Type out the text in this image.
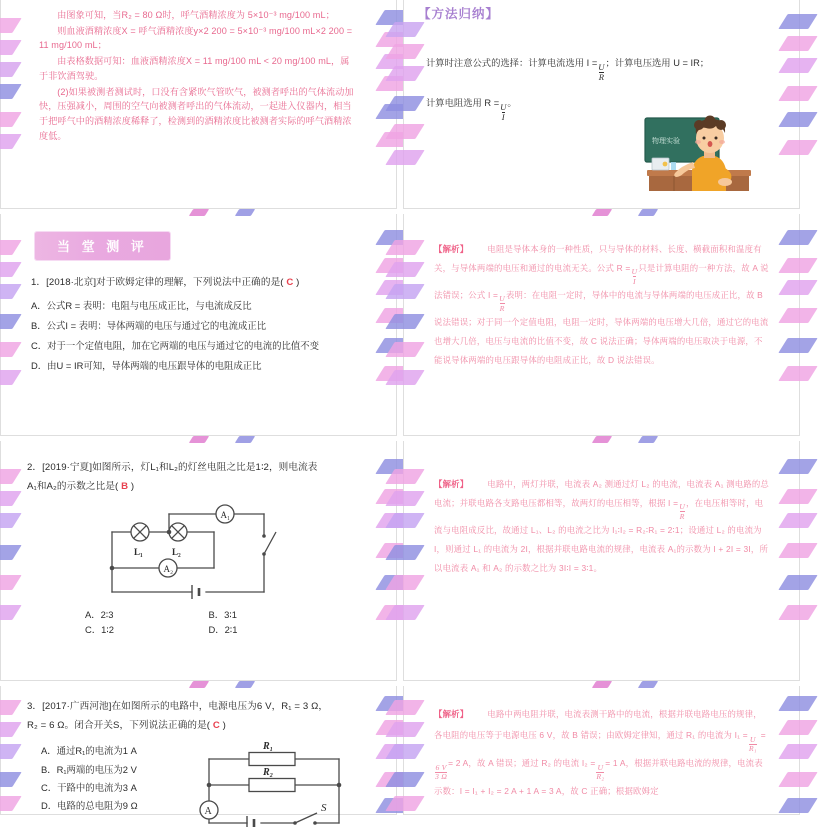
由图象可知，当R₂ = 80 Ω时，呼气酒精浓度为 5×10⁻³ mg/100 mL；

则血液酒精浓度X = 呼气酒精浓度y×2 200 = 5×10⁻³ mg/100 mL×2 200 = 11 mg/100 mL；

由表格数据可知：血液酒精浓度X = 11 mg/100 mL < 20 mg/100 mL，属于非饮酒驾驶。

(2)如果被测者测试时，口没有含紧吹气管吹气，被测者呼出的气体流动加快，压强减小，周围的空气向被测者呼出的气体流动，一起进入仪器内，相当于把呼气中的酒精浓度稀释了，检测到的酒精浓度比被测者实际的呼气酒精浓度低。

【方法归纳】
计算时注意公式的选择：计算电流选用 $I = \frac{U}{R}$ ；计算电压选用 U = IR；
计算电阻选用 $R = \frac{U}{I}$ 。
物理实验
当 堂 测 评
1．[2018·北京]对于欧姆定律的理解，下列说法中正确的是( C )
A．公式R = 表明：电阻与电压成正比，与电流成反比
B．公式I = 表明：导体两端的电压与通过它的电流成正比
C．对于一个定值电阻，加在它两端的电压与通过它的电流的比值不变
D．由U = IR可知，导体两端的电压跟导体的电阻成正比
【解析】 电阻是导体本身的一种性质，只与导体的材料、长度、横截面积和温度有关，与导体两端的电压和通过的电流无关。公式 R =
$\frac{U}{I}$
只是计算电阻的一种方法，故 A 说法错误；公式 I =
$\frac{U}{R}$
表明：在电阻一定时，导体中的电流与导体两端的电压成正比，故 B 说法错误；对于同一个定值电阻，电阻一定时，导体两端的电压增大几倍，通过它的电流也增大几倍，电压与电流的比值不变，故 C 说法正确；导体两端的电压取决于电源，不能说导体两端的电压跟导体的电阻成正比，故 D 说法错误。
2．[2019·宁夏]如图所示，灯L₁和L₂的灯丝电阻之比是1∶2，则电流表
A₁和A₂的示数之比是( B )
L₁	L₂
A₁
A₂
A．2∶3	B．3∶1
C．1∶2	D．2∶1
【解析】 电路中，两灯并联，电流表 A₂ 测通过灯 L₂ 的电流，电流表 A₁ 测电路的总电流；并联电路各支路电压都相等，故两灯的电压相等，根据 I =
$\frac{U}{R}$
，在电压相等时，电流与电阻成反比，故通过 L₁、L₂ 的电流之比为 I₁∶I₂ = R₂∶R₁ = 2∶1；设通过 L₂ 的电流为 I，则通过 L₁ 的电流为 2I，根据并联电路电流的规律，电流表 A₁的示数为 I + 2I = 3I，所以电流表 A₁ 和 A₂ 的示数之比为 3I∶I = 3∶1。
3．[2017·广西河池]在如图所示的电路中，电源电压为6 V，R₁ = 3 Ω，
R₂ = 6 Ω。闭合开关S，下列说法正确的是( C )
A．通过R₁的电流为1 A
B．R₁两端的电压为2 V
C．干路中的电流为3 A
D．电路的总电阻为9 Ω
R₁
R₂
A	S
【解析】 电路中两电阻并联，电流表测干路中的电流，根据并联电路电压的规律，各电阻的电压等于电源电压 6 V，故 B 错误；由欧姆定律知，通过 R₁ 的电流为 I₁ =
$\frac{U}{\text{R₁}}$
=
$\frac{6 V}{3 \Omega}$
= 2 A，故 A 错误；通过 R₂ 的电流 I₂ =
$\frac{U}{\text{R₂}}$
= 1 A，根据并联电路电流的规律，电流表示数：I = I₁ + I₂ = 2 A + 1 A = 3 A，故 C 正确；根据欧姆定
